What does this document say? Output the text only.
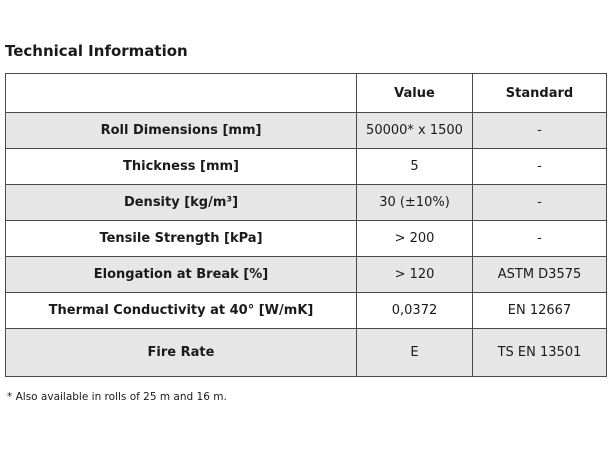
Technical Information
	Value	Standard
Roll Dimensions [mm]	50000* x 1500	-
Thickness [mm]	5	-
Density [kg/m³]	30 (±10%)	-
Tensile Strength [kPa]	> 200	-
Elongation at Break [%]	> 120	ASTM D3575
Thermal Conductivity at 40° [W/mK]	0,0372	EN 12667
Fire Rate	E	TS EN 13501
* Also available in rolls of 25 m and 16 m.
